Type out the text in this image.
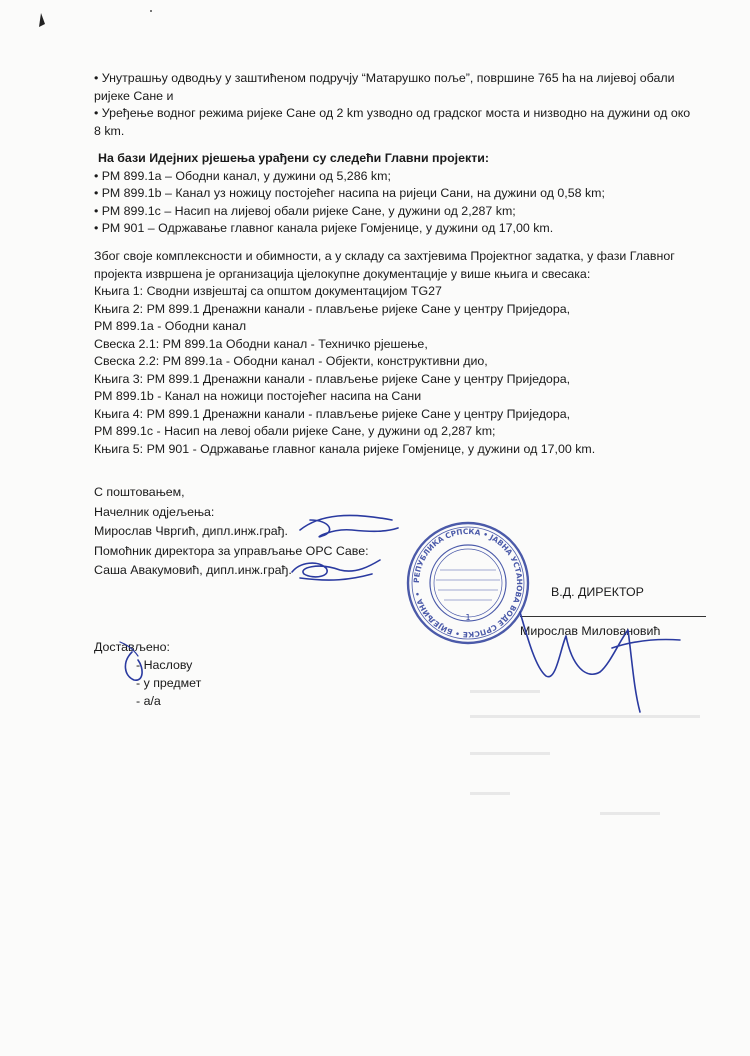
• Унутрашњу одводњу у заштићеном подручју “Матарушко поље”, површине 765 ha на лијевој обали
ријеке Сане и
• Уређење водног режима ријеке Сане од 2 km узводно од градског моста и низводно на дужини од око
8 km.
На бази Идејних рјешења урађени су следећи Главни пројекти:
• РМ 899.1а – Ободни канал, у дужини од 5,286 km;
• РМ 899.1b – Канал уз ножицу постојећег насипа на ријеци Сани, на дужини од 0,58 km;
• РМ 899.1c – Насип на лијевој обали ријеке Сане, у дужини од 2,287 km;
• РМ 901 – Одржавање главног канала ријеке Гомјенице, у дужини од 17,00 km.
Због своје комплексности и обимности, а у складу са захтјевима Пројектног задатка, у фази Главног
пројекта извршена је организација цјелокупне документације у више књига и свесака:
Књига 1: Сводни извјештај са општом документацијом TG27
Књига 2: РМ 899.1 Дренажни канали - плављење ријеке Сане у центру Приједора,
РМ 899.1а - Ободни канал
Свеска 2.1: РМ 899.1а Ободни канал - Техничко рјешење,
Свеска 2.2: РМ 899.1а - Ободни канал - Објекти, конструктивни дио,
Књига 3: РМ 899.1 Дренажни канали - плављење ријеке Сане у центру Приједора,
РМ 899.1b - Канал на ножици постојећег насипа на Сани
Књига 4: РМ 899.1 Дренажни канали - плављење ријеке Сане у центру Приједора,
РМ 899.1c - Насип на левој обали ријеке Сане, у дужини од 2,287 km;
Књига 5: РМ 901 - Одржавање главног канала ријеке Гомјенице, у дужини од 17,00 km.
С поштовањем,
Начелник одјељења:
Мирослав Чвргић, дипл.инж.грађ.
Помоћник директора за управљање ОРС Саве:
Саша Авакумовић, дипл.инж.грађ.
РЕПУБЛИКА СРПСКА • ЈАВНА УСТАНОВА ВОДЕ СРПСКЕ • БИЈЕЉИНА •
1
В.Д. ДИРЕКТОР
Мирослав Миловановић
Достављено:
- Наслову
- у предмет
- а/а
